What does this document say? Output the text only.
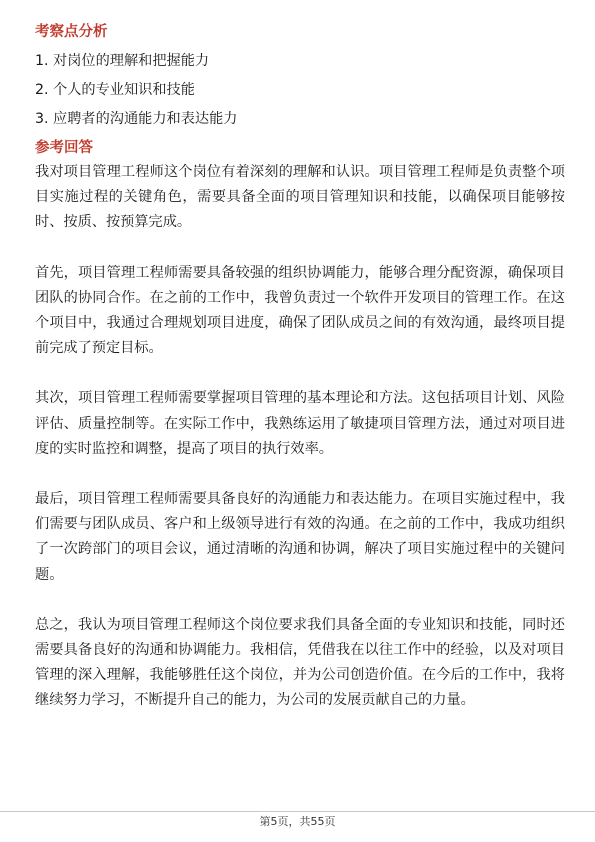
考察点分析
1. 对岗位的理解和把握能力
2. 个人的专业知识和技能
3. 应聘者的沟通能力和表达能力
参考回答

我对项目管理工程师这个岗位有着深刻的理解和认识。项目管理工程师是负责整个项目实施过程的关键角色，需要具备全面的项目管理知识和技能，以确保项目能够按时、按质、按预算完成。

首先，项目管理工程师需要具备较强的组织协调能力，能够合理分配资源，确保项目团队的协同合作。在之前的工作中，我曾负责过一个软件开发项目的管理工作。在这个项目中，我通过合理规划项目进度，确保了团队成员之间的有效沟通，最终项目提前完成了预定目标。

其次，项目管理工程师需要掌握项目管理的基本理论和方法。这包括项目计划、风险评估、质量控制等。在实际工作中，我熟练运用了敏捷项目管理方法，通过对项目进度的实时监控和调整，提高了项目的执行效率。

最后，项目管理工程师需要具备良好的沟通能力和表达能力。在项目实施过程中，我们需要与团队成员、客户和上级领导进行有效的沟通。在之前的工作中，我成功组织了一次跨部门的项目会议，通过清晰的沟通和协调，解决了项目实施过程中的关键问题。

总之，我认为项目管理工程师这个岗位要求我们具备全面的专业知识和技能，同时还需要具备良好的沟通和协调能力。我相信，凭借我在以往工作中的经验，以及对项目管理的深入理解，我能够胜任这个岗位，并为公司创造价值。在今后的工作中，我将继续努力学习，不断提升自己的能力，为公司的发展贡献自己的力量。

第5页，共55页
